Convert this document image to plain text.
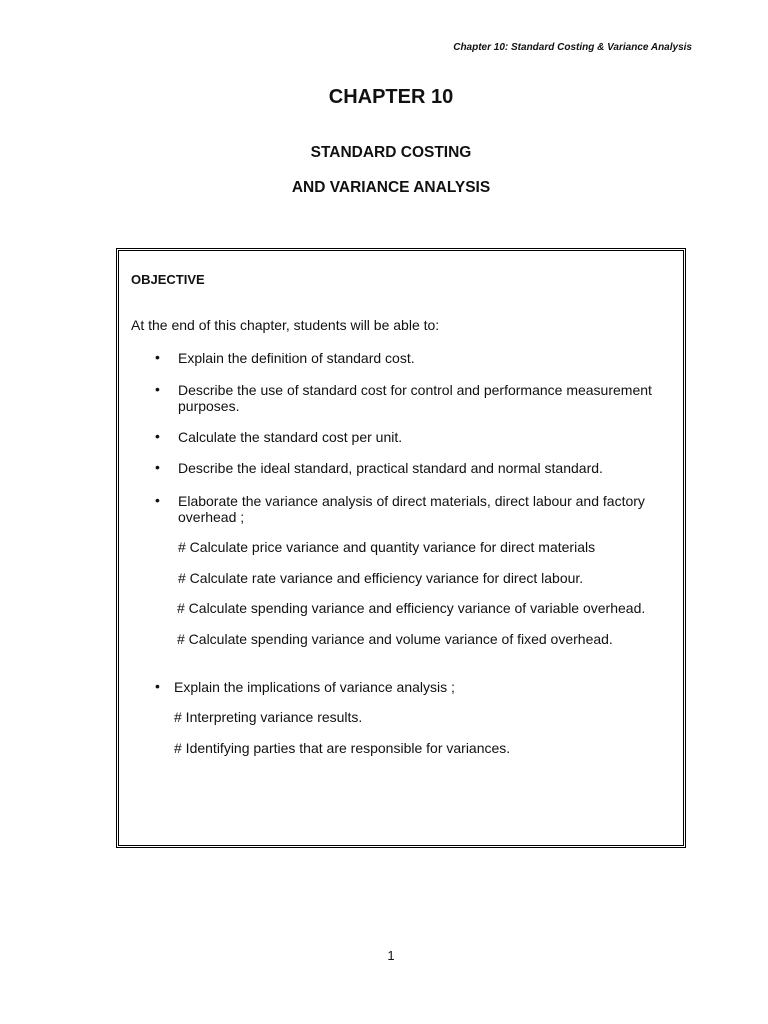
Chapter 10: Standard Costing & Variance Analysis
CHAPTER 10
STANDARD COSTING
AND VARIANCE ANALYSIS
OBJECTIVE
At the end of this chapter, students will be able to:
• Explain the definition of standard cost.
• Describe the use of standard cost for control and performance measurement purposes.
• Calculate the standard cost per unit.
• Describe the ideal standard, practical standard and normal standard.
• Elaborate the variance analysis of direct materials, direct labour and factory overhead ;
# Calculate price variance and quantity variance for direct materials
# Calculate rate variance and efficiency variance for direct labour.
# Calculate spending variance and efficiency variance of variable overhead.
# Calculate spending variance and volume variance of fixed overhead.
• Explain the implications of variance analysis ;
# Interpreting variance results.
# Identifying parties that are responsible for variances.
1
